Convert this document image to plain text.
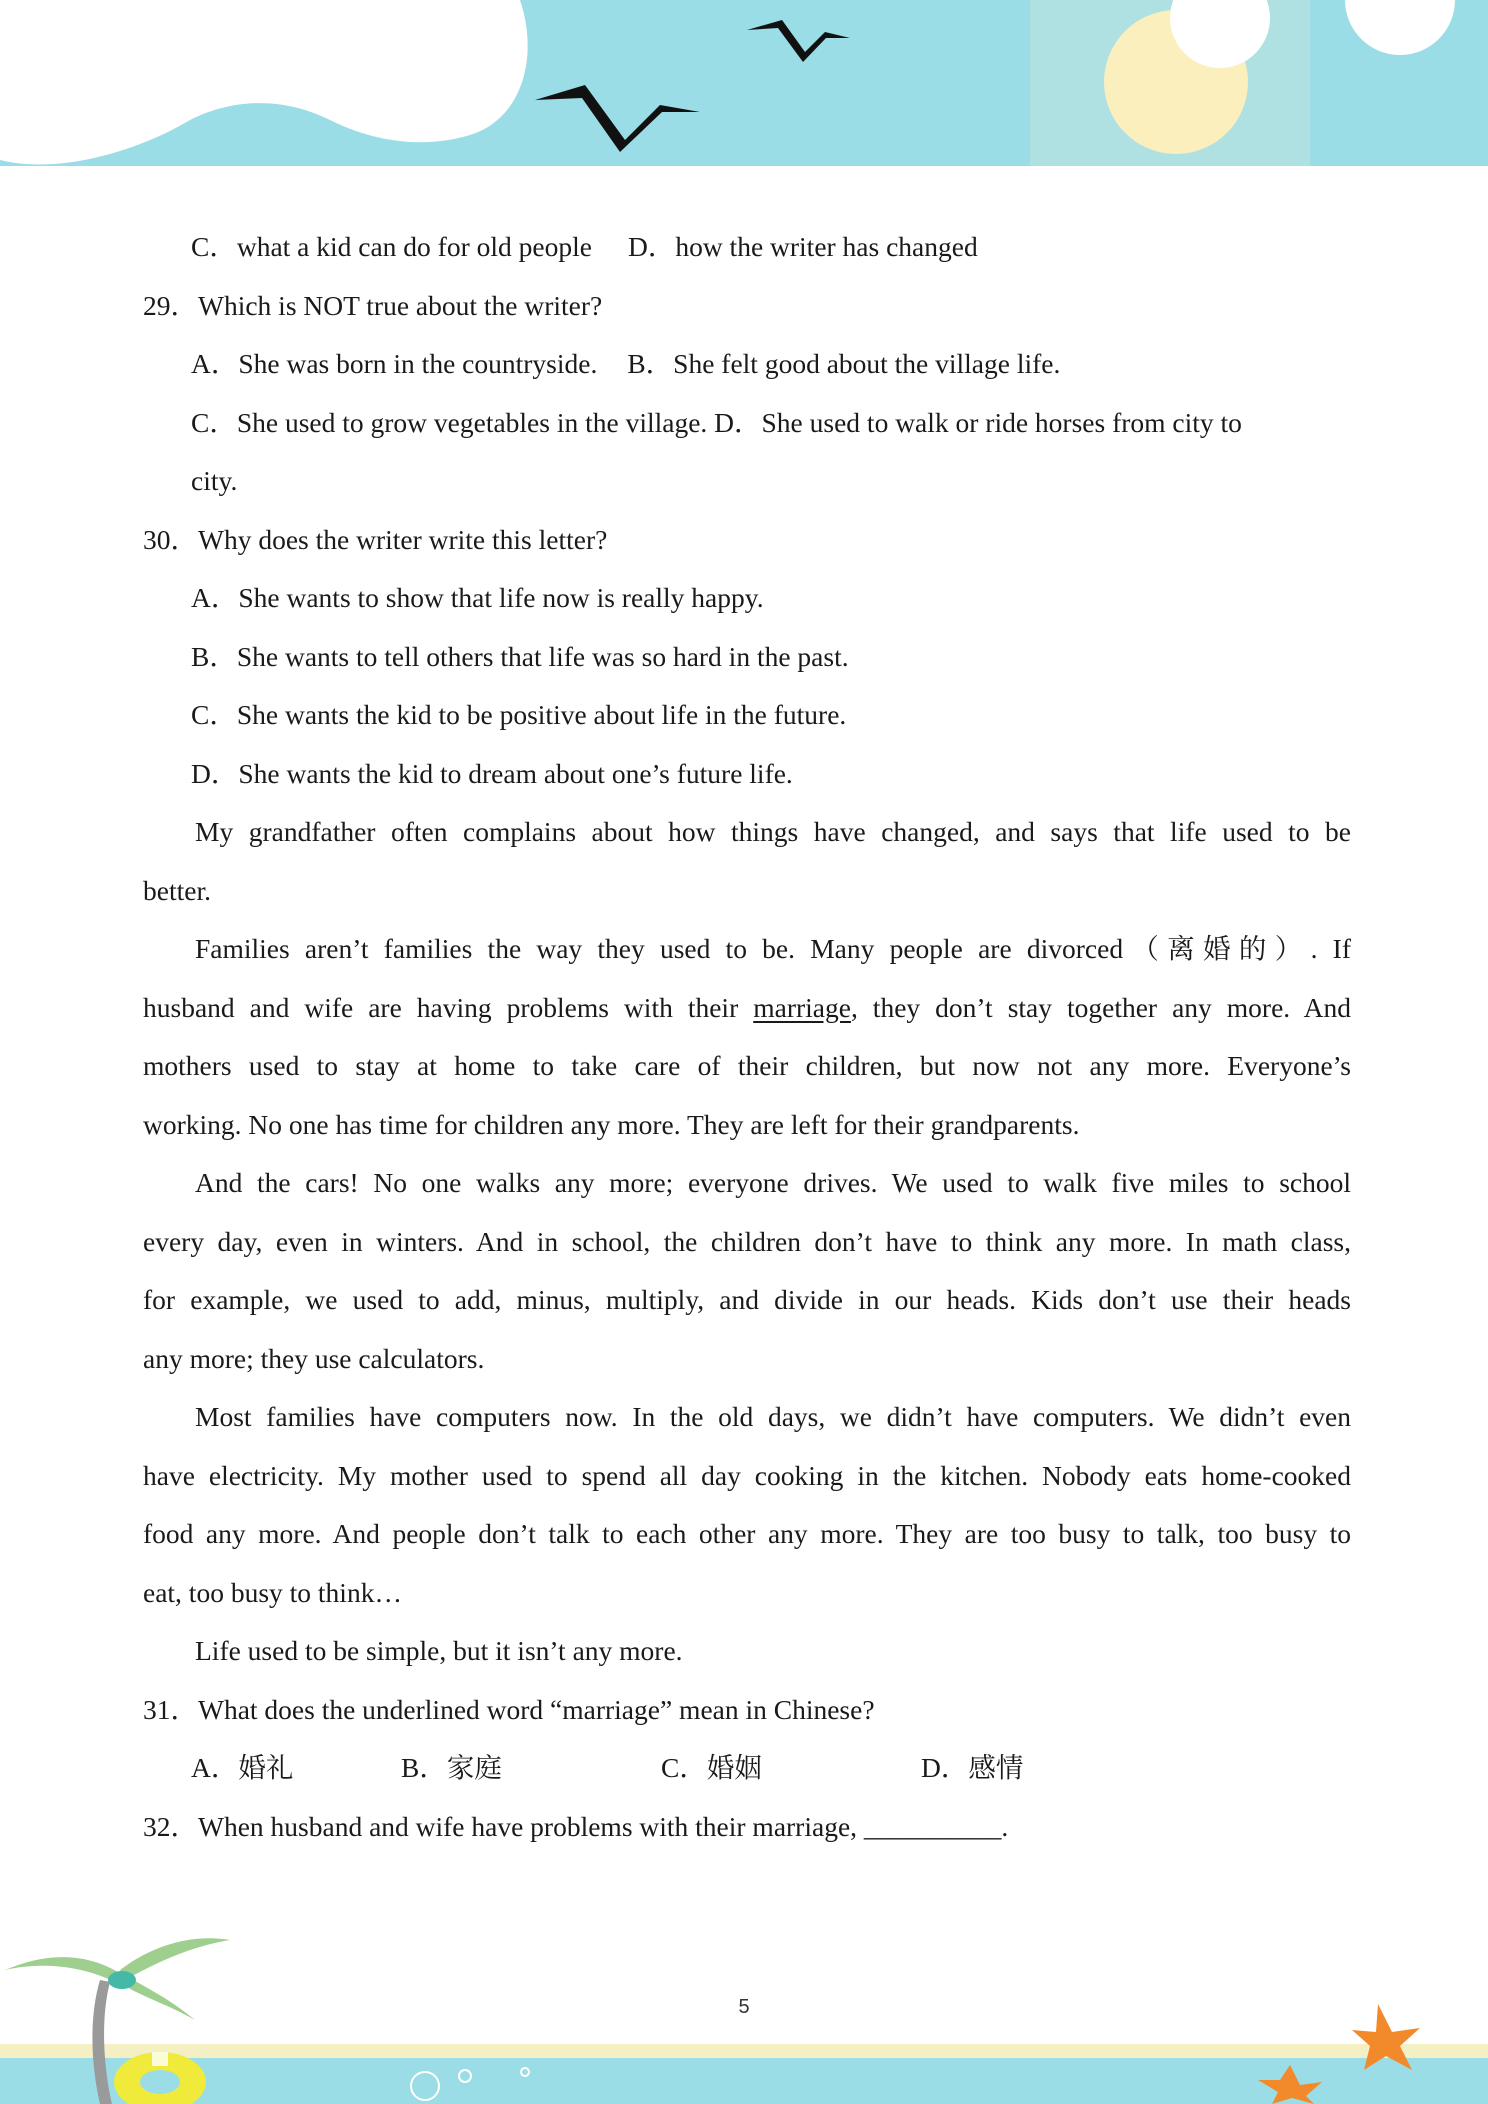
C．what a kid can do for old people D．how the writer has changed
29．Which is NOT true about the writer?
A．She was born in the countryside. B．She felt good about the village life.
C．She used to grow vegetables in the village. D．She used to walk or ride horses from city to
city.
30．Why does the writer write this letter?
A．She wants to show that life now is really happy.
B．She wants to tell others that life was so hard in the past.
C．She wants the kid to be positive about life in the future.
D．She wants the kid to dream about one’s future life.
My grandfather often complains about how things have changed, and says that life used to be
better.
Families aren’t families the way they used to be. Many people are divorced（离婚的）. If
husband and wife are having problems with their marriage, they don’t stay together any more. And
mothers used to stay at home to take care of their children, but now not any more. Everyone’s
working. No one has time for children any more. They are left for their grandparents.
And the cars! No one walks any more; everyone drives. We used to walk five miles to school
every day, even in winters. And in school, the children don’t have to think any more. In math class,
for example, we used to add, minus, multiply, and divide in our heads. Kids don’t use their heads
any more; they use calculators.
Most families have computers now. In the old days, we didn’t have computers. We didn’t even
have electricity. My mother used to spend all day cooking in the kitchen. Nobody eats home-cooked
food any more. And people don’t talk to each other any more. They are too busy to talk, too busy to
eat, too busy to think…
Life used to be simple, but it isn’t any more.
31．What does the underlined word “marriage” mean in Chinese?
A．婚礼	B．家庭	C．婚姻	D．感情
32．When husband and wife have problems with their marriage, __________.
5
